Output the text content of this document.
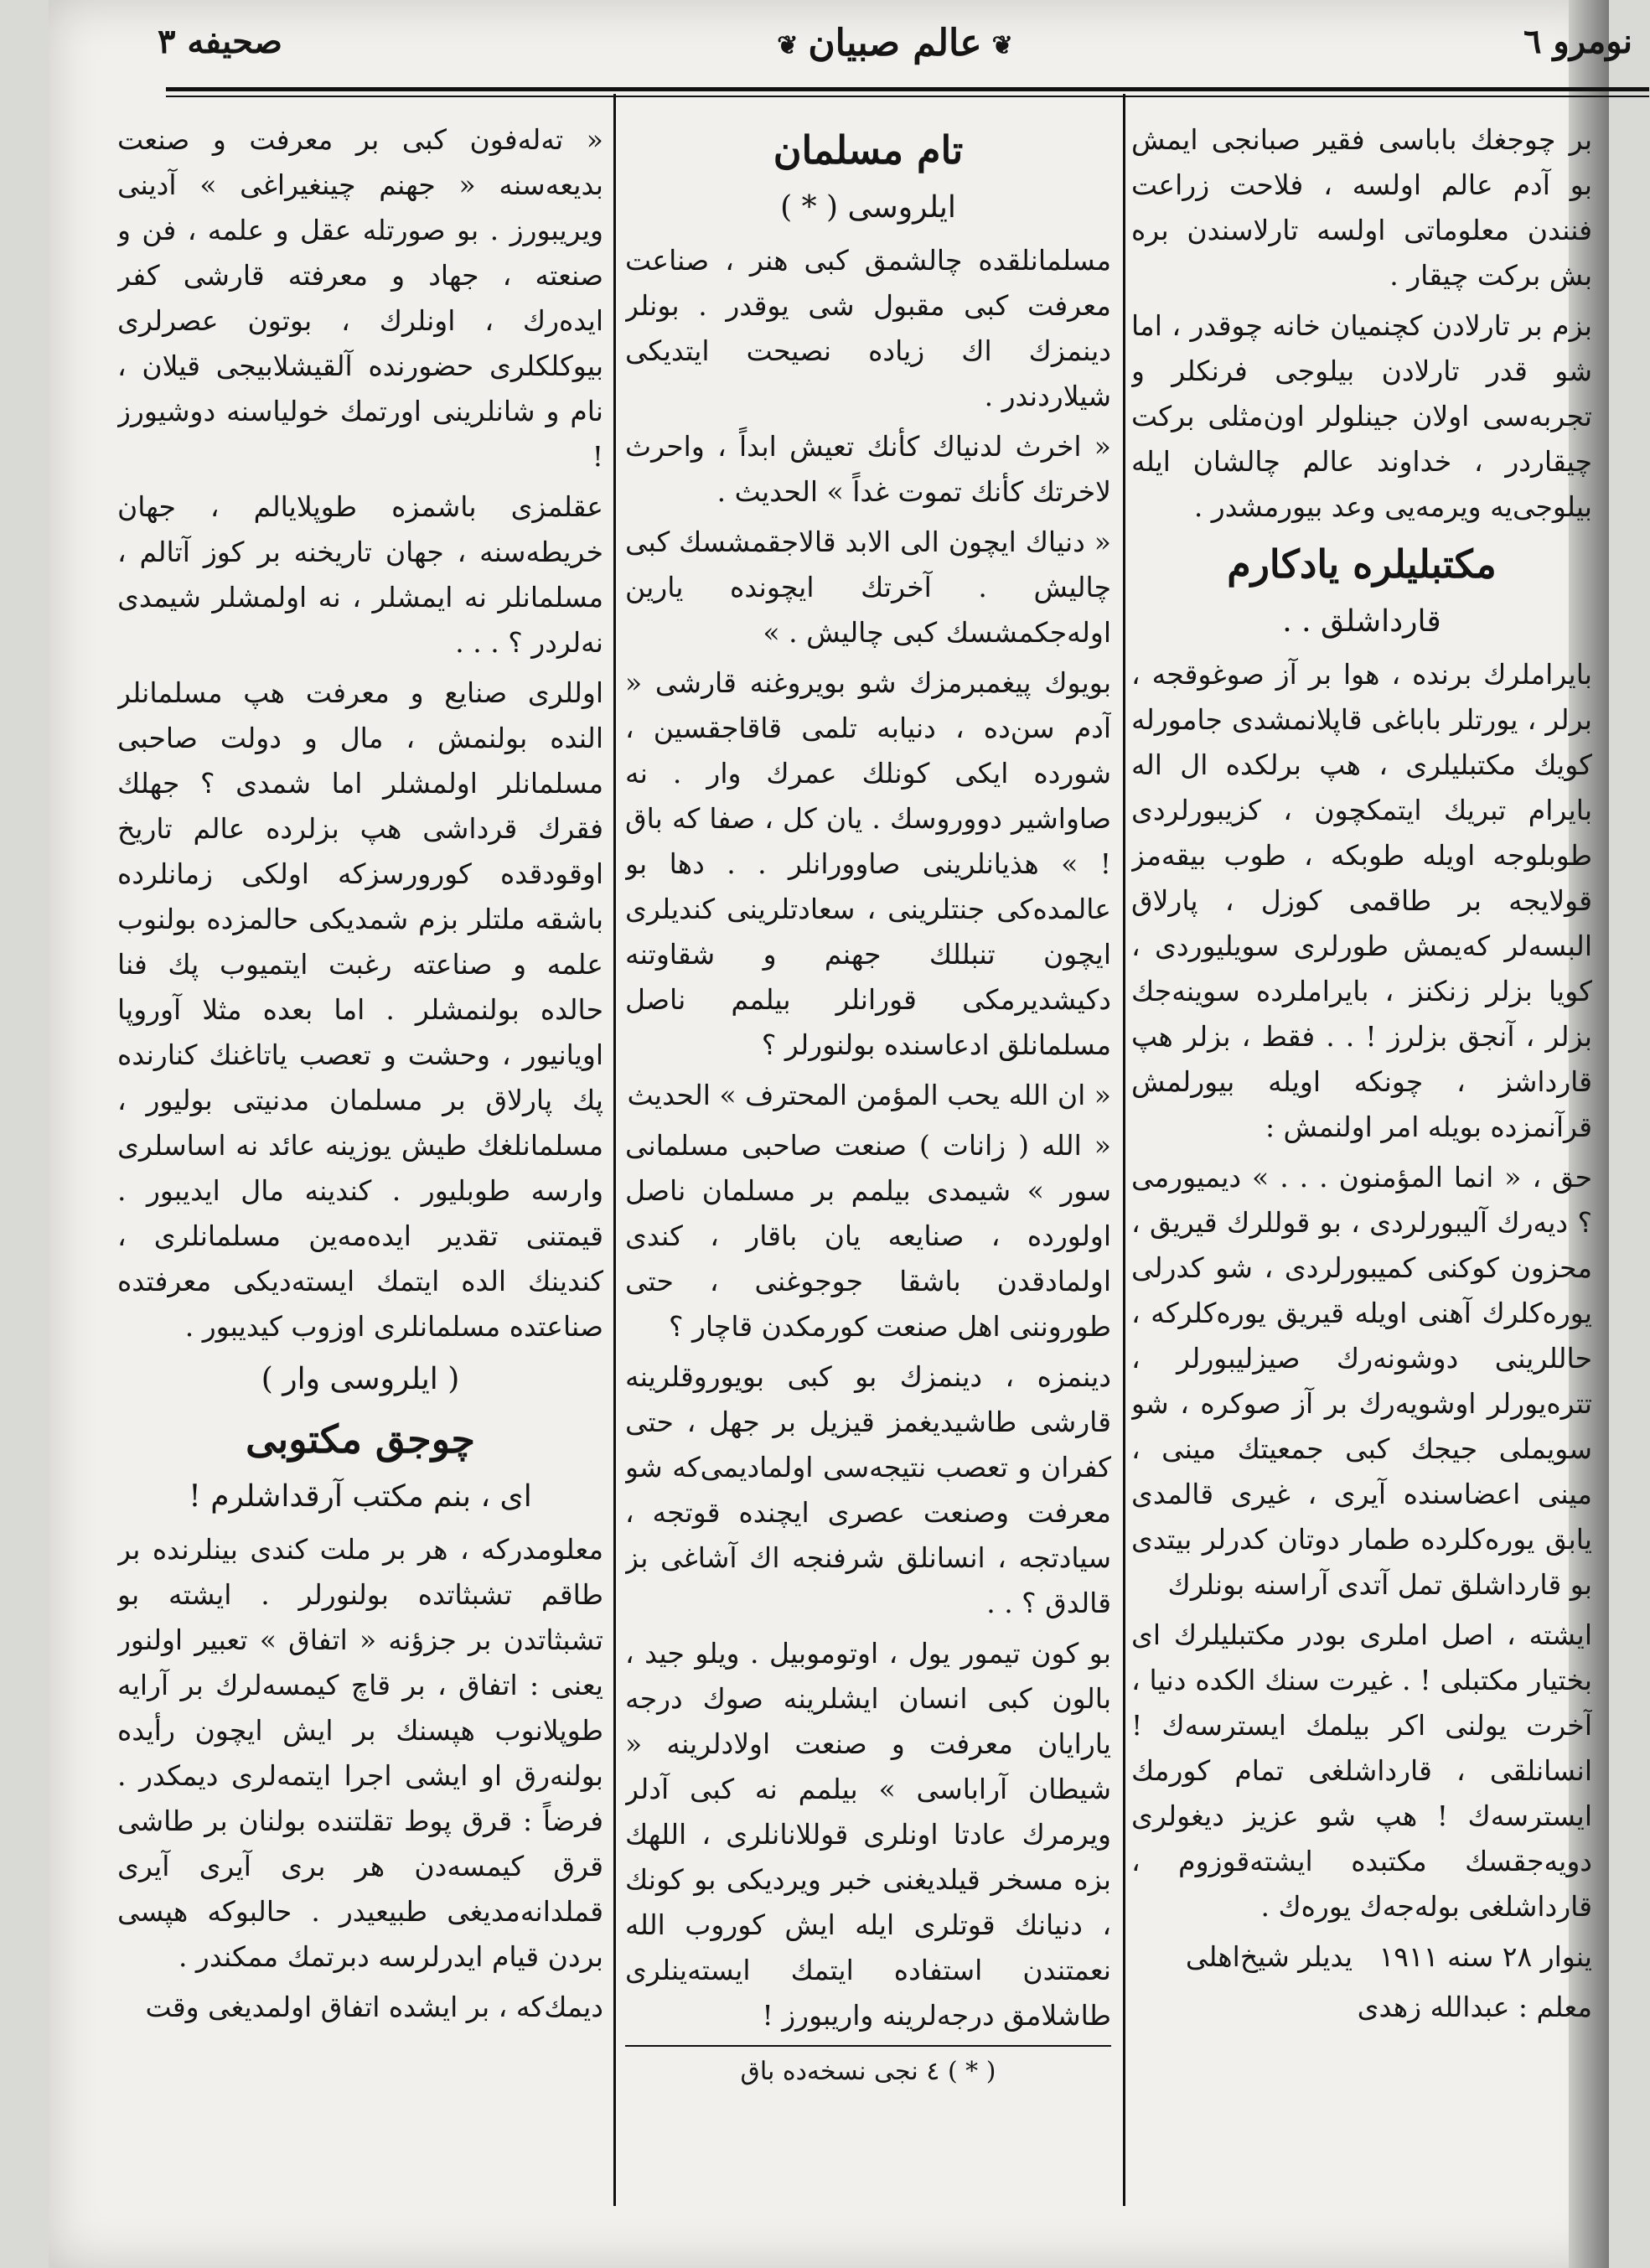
نومرو ٦
❦عالم صبیان❦
صحیفه ٣

بر چوجغك باباسی فقیر صبانجی ایمش بو آدم عالم اولسه ، فلاحت زراعت فنندن معلوماتی اولسه تارلاسندن بره بش برکت چیقار .

بزم بر تارلادن کچنمیان خانه چوقدر ، اما شو قدر تارلادن بیلوجی فرنکلر و تجربه‌سی اولان جینلولر اون‌مثلی برکت چیقاردر ، خداوند عالم چالشان ایله بیلوجی‌یه ویرمه‌یی وعد بیورمشدر .

مکتبلیلره یادکارم
قارداشلق . .

بایراملرك برنده ، هوا بر آز صوغوقجه ، برلر ، یورتلر باباغی قاپلانمشدی جامورله کویك مکتبلیلری ، هپ برلکده ال اله بایرام تبریك ایتمکچون ، کزیبورلردی طوبلوجه اویله طوبکه ، طوب بیقه‌مز قولایجه بر طاقمی کوزل ، پارلاق البسه‌لر که‌یمش طورلری سویلیوردی ، کویا بزلر زنکنز ، بایراملرده سوینه‌جك بزلر ، آنجق بزلرز ! . . فقط ، بزلر هپ قارداشز ، چونکه اویله بیورلمش قرآنمزده بویله امر اولنمش :

حق ، « انما المؤمنون . . . » دیمیورمی ؟ دیه‌رك آلیبورلردی ، بو قوللرك قیریق ، محزون کوکنی کمیبورلردی ، شو کدرلی یوره‌کلرك آهنی اویله قیریق یوره‌کلرکه ، حاللرینی دوشونه‌رك صیزلیبورلر ، تتره‌یورلر اوشویه‌رك بر آز صوکره ، شو سویملی جیجك کبی جمعیتك مینی ، مینی اعضاسنده آیری ، غیری قالمدی یابق یوره‌کلرده طمار دوتان کدرلر بیتدی بو قارداشلق تمل آتدی آراسنه بونلرك

ایشته ، اصل املری بودر مکتبلیلرك ای بختیار مکتبلی ! . غیرت سنك الکده دنیا ، آخرت یولنی اکر بیلمك ایسترسه‌ك ! انسانلقی ، قارداشلغی تمام کورمك ایسترسه‌ك ! هپ شو عزیز دیغولری دویه‌جقسك مکتبده ایشته‌قوزوم ، قارداشلغی بوله‌جه‌ك یوره‌ك .

ینوار ٢٨ سنه ١٩١١   یدیلر شیخ‌اهلی

معلم : عبدالله زهدی

تام مسلمان
ایلروسی ( * )

مسلمانلقده چالشمق کبی هنر ، صناعت معرفت کبی مقبول شی یوقدر . بونلر دینمزك اك زیاده نصیحت ایتدیکی شیلاردندر .

« اخرث لدنیاك کأنك تعیش ابداً ، واحرث لاخرتك کأنك تموت غداً » الحدیث .

« دنیاك ایچون الی الابد قالاجقمشسك کبی چالیش . آخرتك ایچونده یارین اوله‌جکمشسك کبی چالیش . »

بویوك پیغمبرمزك شو بویروغنه قارشی « آدم سن‌ده ، دنیابه تلمی قاقاجقسین ، شورده ایکی کونلك عمرك وار . نه صاواشیر دووروسك . یان کل ، صفا که باق ! » هذیانلرینی صاوورانلر . . دها بو عالمده‌کی جنتلرینی ، سعادتلرینی کندیلری ایچون تنبللك جهنم و شقاوتنه دکیشدیرمکی قورانلر بیلمم ناصل مسلمانلق ادعاسنده بولنورلر ؟

« ان الله یحب المؤمن المحترف » الحدیث

« الله ( زانات ) صنعت صاحبی مسلمانی سور » شیمدی بیلمم بر مسلمان ناصل اولورده ، صنایعه یان باقار ، کندی اولمادقدن باشقا جوجوغنی ، حتی طوروننی اهل صنعت کورمکدن قاچار ؟

دینمزه ، دینمزك بو کبی بویوروقلرینه قارشی طاشیدیغمز قیزیل بر جهل ، حتی کفران و تعصب نتیجه‌سی اولمادیمی‌که شو معرفت وصنعت عصری ایچنده قوتجه ، سیادتجه ، انسانلق شرفنجه اك آشاغی بز قالدق ؟ . .

بو کون تیمور یول ، اوتوموبیل . ویلو جید ، بالون کبی انسان ایشلرینه صوك درجه یارایان معرفت و صنعت اولادلرینه « شیطان آراباسی » بیلمم نه کبی آدلر ویرمرك عادتا اونلری قوللانانلری ، اللهك بزه مسخر قیلدیغنی خبر ویردیکی بو کونك ، دنیانك قوتلری ایله ایش کوروب الله نعمتندن استفاده ایتمك ایسته‌ینلری طاشلامق درجه‌لرینه واریبورز !

( * ) ٤ نجی نسخه‌ده باق

« تەلەفون کبی بر معرفت و صنعت بدیعه‌سنه « جهنم چینغیراغی » آدینی ویریبورز . بو صورتله عقل و علمه ، فن و صنعته ، جهاد و معرفته قارشی کفر ایده‌رك ، اونلرك ، بوتون عصرلری بیوکلکلری حضورنده آلقیشلابیجی قیلان ، نام و شانلرینی اورتمك خولیاسنه دوشیورز !

عقلمزی باشمزه طوپلایالم ، جهان خریطه‌سنه ، جهان تاریخنه بر کوز آتالم ، مسلمانلر نه ایمشلر ، نه اولمشلر شیمدی نه‌لردر ؟ . . .

اوللری صنایع و معرفت هپ مسلمانلر النده بولنمش ، مال و دولت صاحبی مسلمانلر اولمشلر اما شمدی ؟ جهلك فقرك قرداشی هپ بزلرده عالم تاریخ اوقودقده کورورسزکه اولکی زمانلرده باشقه ملتلر بزم شمدیکی حالمزده بولنوب علمه و صناعته رغبت ایتمیوب پك فنا حالده بولنمشلر . اما بعده مثلا آوروپا اویانیور ، وحشت و تعصب یاتاغنك کنارنده پك پارلاق بر مسلمان مدنیتی بولیور ، مسلمانلغك طیش یوزینه عائد نه اساسلری وارسه طوبلیور . کندینه مال ایدیبور . قیمتنی تقدیر ایده‌مه‌ین مسلمانلری ، کندینك الده ایتمك ایسته‌دیکی معرفتده صناعتده مسلمانلری اوزوب کیدیبور .

( ایلروسی وار )
چوجق مکتوبی
ای ، بنم مکتب آرقداشلرم !

معلومدرکه ، هر بر ملت کندی بینلرنده بر طاقم تشبثاتده بولنورلر . ایشته بو تشبثاتدن بر جزؤنه « اتفاق » تعبیر اولنور یعنی : اتفاق ، بر قاچ کیمسه‌لرك بر آرایه طوپلانوب هپسنك بر ایش ایچون رأیده بولنه‌رق او ایشی اجرا ایتمه‌لری دیمکدر . فرضاً : قرق پوط تقلتنده بولنان بر طاشی قرق کیمسه‌دن هر بری آیری آیری قملدانه‌مدیغی طبیعیدر . حالبوکه هپسی بردن قیام ایدرلرسه دبرتمك ممکندر .

دیمك‌که ، بر ایشده اتفاق اولمدیغی وقت
